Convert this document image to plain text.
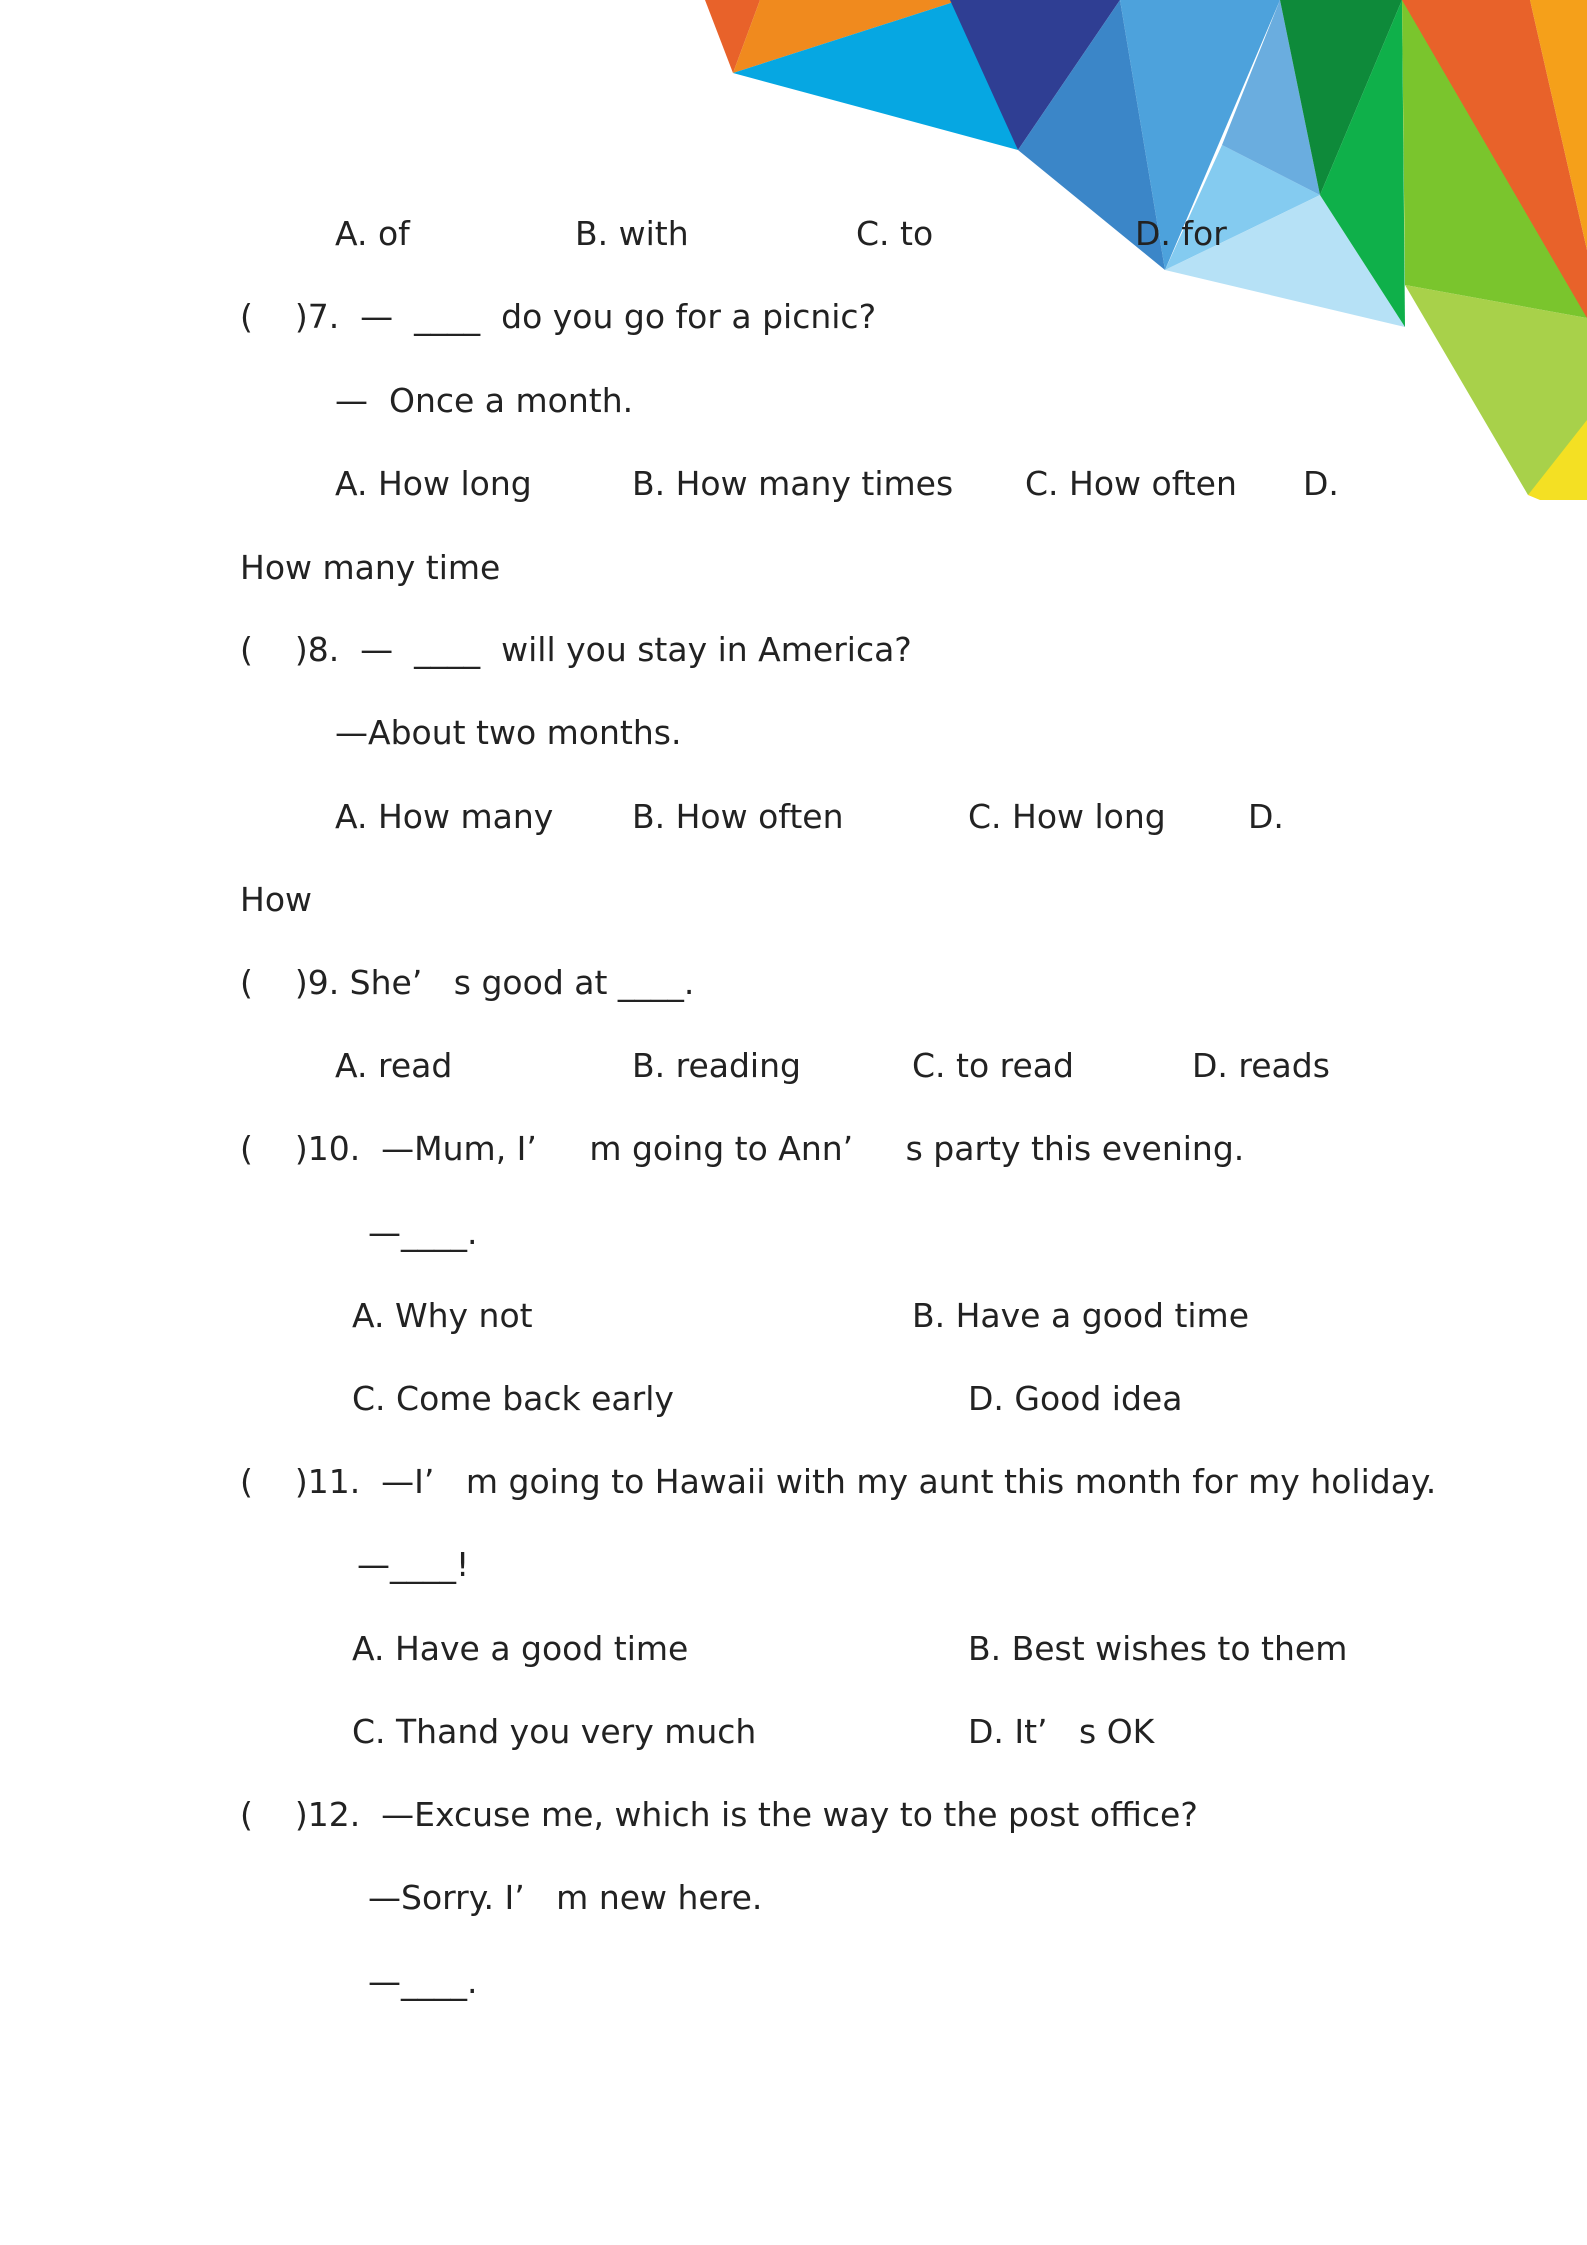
A. of	B. with	C. to	D. for
(    )7.  —  ____  do you go for a picnic?
—  Once a month.
A. How long	B. How many times C. How often D.
How many time
(    )8.  —  ____  will you stay in America?
—About two months.
A. How many B. How often	C. How long D.
How
(    )9. She’   s good at ____.
A. read	B. reading	C. to read	D. reads
(    )10.  —Mum, I’     m going to Ann’     s party this evening.
—____.
A. Why not	B. Have a good time
C. Come back early	D. Good idea
(    )11.  —I’   m going to Hawaii with my aunt this month for my holiday.
—____!
A. Have a good time	B. Best wishes to them
C. Thand you very much	D. It’   s OK
(    )12.  —Excuse me, which is the way to the post office?
—Sorry. I’   m new here.
—____.
